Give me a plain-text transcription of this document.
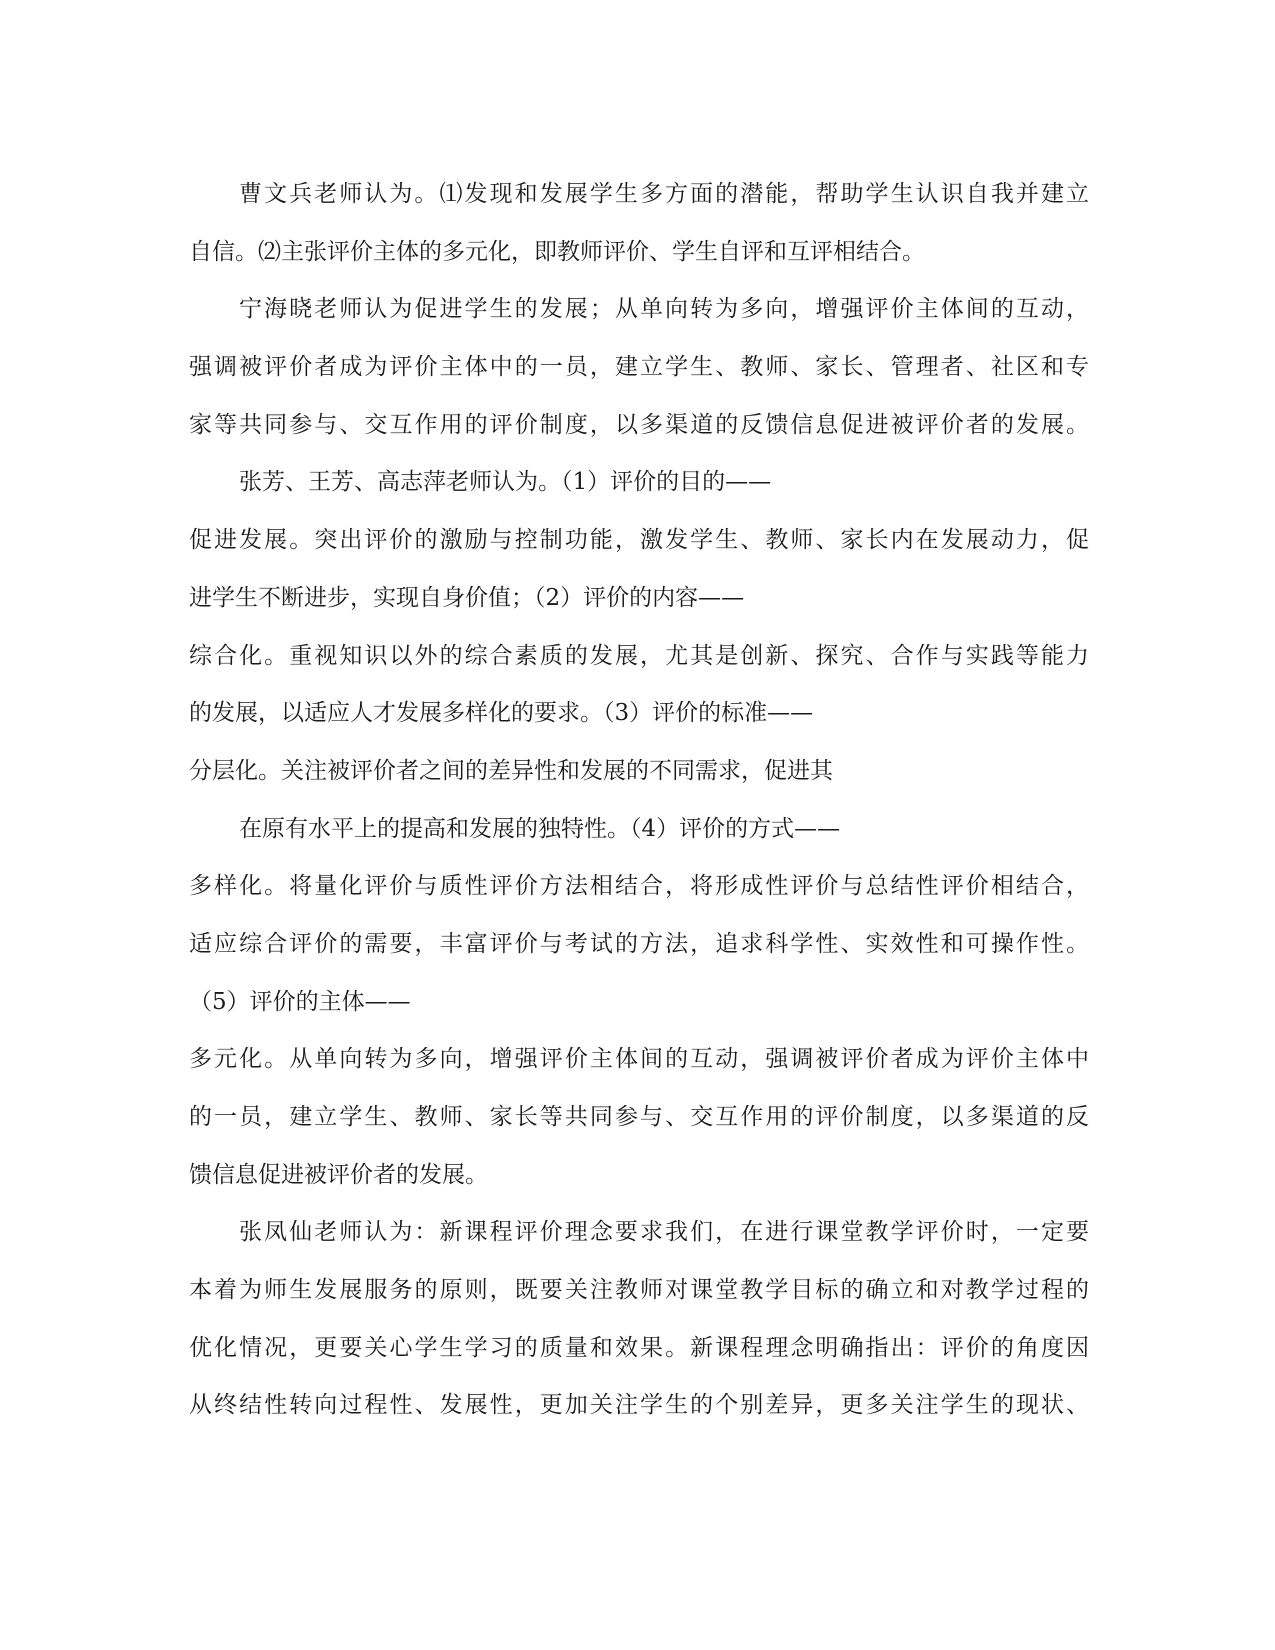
曹文兵老师认为。⑴发现和发展学生多方面的潜能，帮助学生认识自我并建立
自信。⑵主张评价主体的多元化，即教师评价、学生自评和互评相结合。
宁海晓老师认为促进学生的发展；从单向转为多向，增强评价主体间的互动，
强调被评价者成为评价主体中的一员，建立学生、教师、家长、管理者、社区和专
家等共同参与、交互作用的评价制度，以多渠道的反馈信息促进被评价者的发展。
张芳、王芳、高志萍老师认为。（1）评价的目的——
促进发展。突出评价的激励与控制功能，激发学生、教师、家长内在发展动力，促
进学生不断进步，实现自身价值；（2）评价的内容——
综合化。重视知识以外的综合素质的发展，尤其是创新、探究、合作与实践等能力
的发展，以适应人才发展多样化的要求。（3）评价的标准——
分层化。关注被评价者之间的差异性和发展的不同需求，促进其
在原有水平上的提高和发展的独特性。（4）评价的方式——
多样化。将量化评价与质性评价方法相结合，将形成性评价与总结性评价相结合，
适应综合评价的需要，丰富评价与考试的方法，追求科学性、实效性和可操作性。
（5）评价的主体——
多元化。从单向转为多向，增强评价主体间的互动，强调被评价者成为评价主体中
的一员，建立学生、教师、家长等共同参与、交互作用的评价制度，以多渠道的反
馈信息促进被评价者的发展。
张凤仙老师认为：新课程评价理念要求我们，在进行课堂教学评价时，一定要
本着为师生发展服务的原则，既要关注教师对课堂教学目标的确立和对教学过程的
优化情况，更要关心学生学习的质量和效果。新课程理念明确指出：评价的角度因
从终结性转向过程性、发展性，更加关注学生的个别差异，更多关注学生的现状、
